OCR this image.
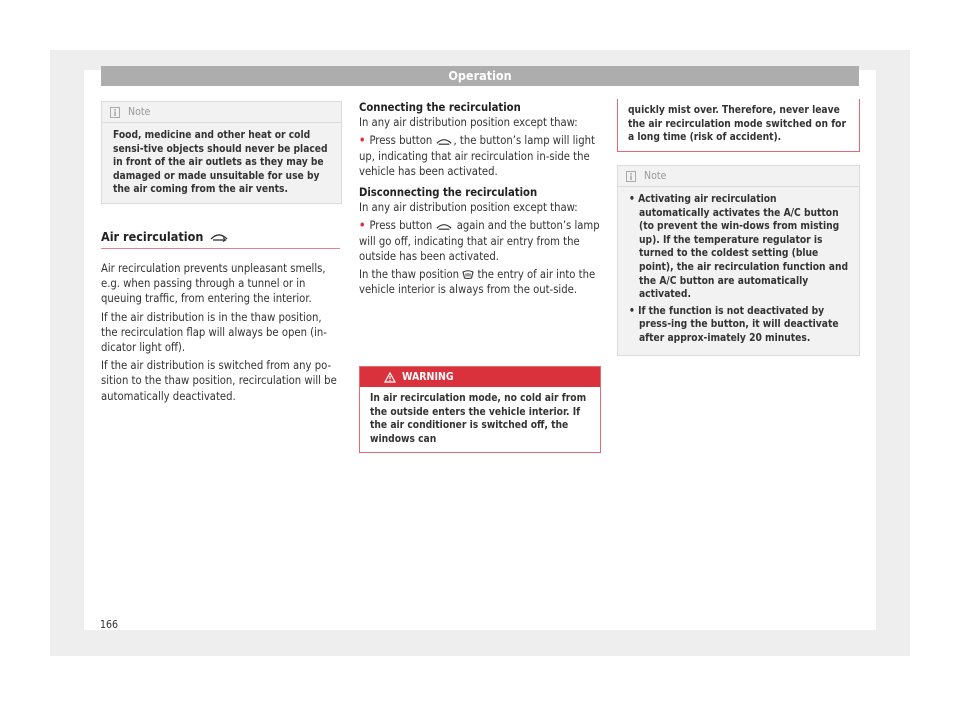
Operation
Note

Food, medicine and other heat or cold sensi-tive objects should never be placed in front of the air outlets as they may be damaged or made unsuitable for use by the air coming from the air vents.

Air recirculation

Air recirculation prevents unpleasant smells, e.g. when passing through a tunnel or in queuing traffic, from entering the interior.

If the air distribution is in the thaw position, the recirculation flap will always be open (in-dicator light off).

If the air distribution is switched from any po-sition to the thaw position, recirculation will be automatically deactivated.

Connecting the recirculation

In any air distribution position except thaw:

• Press button , the button’s lamp will light up, indicating that air recirculation in-side the vehicle has been activated.

Disconnecting the recirculation

In any air distribution position except thaw:

• Press button again and the button’s lamp will go off, indicating that air entry from the outside has been activated.

In the thaw position the entry of air into the vehicle interior is always from the out-side.

WARNING

In air recirculation mode, no cold air from the outside enters the vehicle interior. If the air conditioner is switched off, the windows can

quickly mist over. Therefore, never leave the air recirculation mode switched on for a long time (risk of accident).

Note

• Activating air recirculation automatically activates the A/C button (to prevent the win-dows from misting up). If the temperature regulator is turned to the coldest setting (blue point), the air recirculation function and the A/C button are automatically activated.

• If the function is not deactivated by press-ing the button, it will deactivate after approx-imately 20 minutes.

166
